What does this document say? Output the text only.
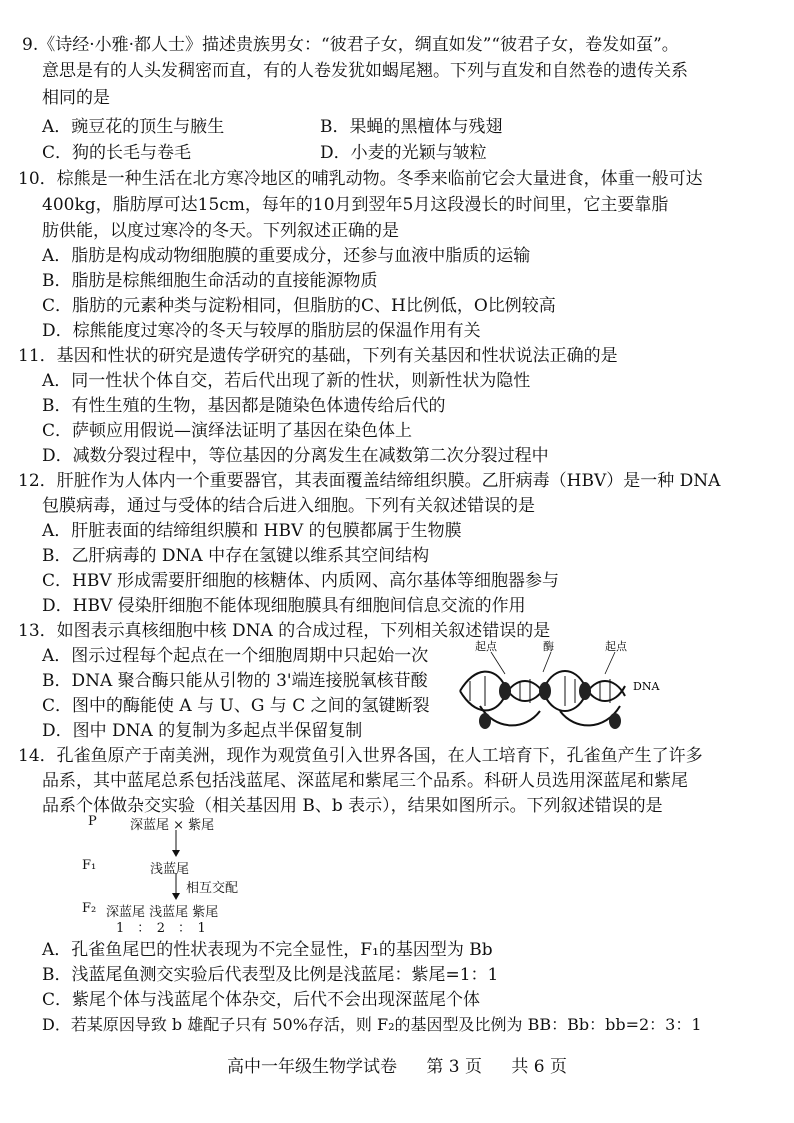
9.《诗经·小雅·都人士》描述贵族男女：“彼君子女，绸直如发”“彼君子女，卷发如虿”。
意思是有的人头发稠密而直，有的人卷发犹如蝎尾翘。下列与直发和自然卷的遗传关系
相同的是
A．豌豆花的顶生与腋生	B．果蝇的黑檀体与残翅
C．狗的长毛与卷毛	D．小麦的光颖与皱粒
10．棕熊是一种生活在北方寒冷地区的哺乳动物。冬季来临前它会大量进食，体重一般可达
400kg，脂肪厚可达15cm，每年的10月到翌年5月这段漫长的时间里，它主要靠脂
肪供能，以度过寒冷的冬天。下列叙述正确的是
A．脂肪是构成动物细胞膜的重要成分，还参与血液中脂质的运输
B．脂肪是棕熊细胞生命活动的直接能源物质
C．脂肪的元素种类与淀粉相同，但脂肪的C、H比例低，O比例较高
D．棕熊能度过寒冷的冬天与较厚的脂肪层的保温作用有关
11．基因和性状的研究是遗传学研究的基础，下列有关基因和性状说法正确的是
A．同一性状个体自交，若后代出现了新的性状，则新性状为隐性
B．有性生殖的生物，基因都是随染色体遗传给后代的
C．萨顿应用假说—演绎法证明了基因在染色体上
D．减数分裂过程中，等位基因的分离发生在减数第二次分裂过程中
12．肝脏作为人体内一个重要器官，其表面覆盖结缔组织膜。乙肝病毒（HBV）是一种 DNA
包膜病毒，通过与受体的结合后进入细胞。下列有关叙述错误的是
A．肝脏表面的结缔组织膜和 HBV 的包膜都属于生物膜
B．乙肝病毒的 DNA 中存在氢键以维系其空间结构
C．HBV 形成需要肝细胞的核糖体、内质网、高尔基体等细胞器参与
D．HBV 侵染肝细胞不能体现细胞膜具有细胞间信息交流的作用
13．如图表示真核细胞中核 DNA 的合成过程，下列相关叙述错误的是
A．图示过程每个起点在一个细胞周期中只起始一次
B．DNA 聚合酶只能从引物的 3'端连接脱氧核苷酸
C．图中的酶能使 A 与 U、G 与 C 之间的氢键断裂
D．图中 DNA 的复制为多起点半保留复制
起点	酶	起点
DNA
14．孔雀鱼原产于南美洲，现作为观赏鱼引入世界各国，在人工培育下，孔雀鱼产生了许多
品系，其中蓝尾总系包括浅蓝尾、深蓝尾和紫尾三个品系。科研人员选用深蓝尾和紫尾
品系个体做杂交实验（相关基因用 B、b 表示），结果如图所示。下列叙述错误的是
P	深蓝尾 × 紫尾
F₁	浅蓝尾
相互交配
F₂ 深蓝尾 浅蓝尾 紫尾
1　：　2　：　1
A．孔雀鱼尾巴的性状表现为不完全显性，F₁的基因型为 Bb
B．浅蓝尾鱼测交实验后代表型及比例是浅蓝尾：紫尾=1：1
C．紫尾个体与浅蓝尾个体杂交，后代不会出现深蓝尾个体
D．若某原因导致 b 雄配子只有 50%存活，则 F₂的基因型及比例为 BB：Bb：bb=2：3：1
高中一年级生物学试卷 第 3 页 共 6 页
